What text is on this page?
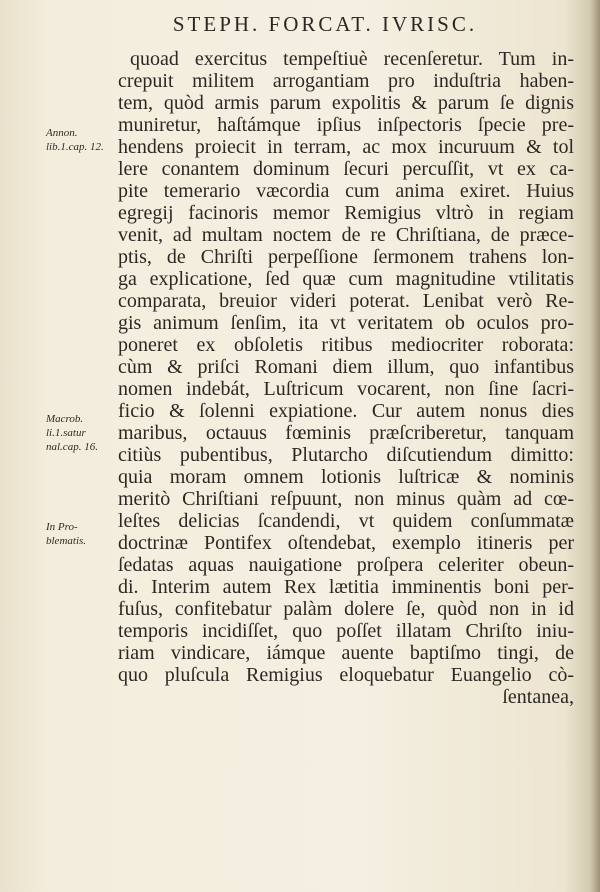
STEPH. FORCAT. IVRISC.
Annon. lib.1.cap. 12.
Macrob. li.1.satur nal.cap. 16.
In Pro- blematis.
quoad exercitus tempeſtiuè recenſeretur. Tum in-
crepuit militem arrogantiam pro induſtria haben-
tem, quòd armis parum expolitis & parum ſe dignis
muniretur, haſtámque ipſius inſpectoris ſpecie pre-
hendens proiecit in terram, ac mox incuruum & tol
lere conantem dominum ſecuri percuſſit, vt ex ca-
pite temerario væcordia cum anima exiret. Huius
egregij facinoris memor Remigius vltrò in regiam
venit, ad multam noctem de re Chriſtiana, de præce-
ptis, de Chriſti perpeſſione ſermonem trahens lon-
ga explicatione, ſed quæ cum magnitudine vtilitatis
comparata, breuior videri poterat. Lenibat verò Re-
gis animum ſenſim, ita vt veritatem ob oculos pro-
poneret ex obſoletis ritibus mediocriter roborata:
cùm & priſci Romani diem illum, quo infantibus
nomen indebát, Luſtricum vocarent, non ſine ſacri-
ficio & ſolenni expiatione. Cur autem nonus dies
maribus, octauus fœminis præſcriberetur, tanquam
citiùs pubentibus, Plutarcho diſcutiendum dimitto:
quia moram omnem lotionis luſtricæ & nominis
meritò Chriſtiani reſpuunt, non minus quàm ad cœ-
leſtes delicias ſcandendi, vt quidem conſummatæ
doctrinæ Pontifex oſtendebat, exemplo itineris per
ſedatas aquas nauigatione proſpera celeriter obeun-
di. Interim autem Rex lætitia imminentis boni per-
fuſus, confitebatur palàm dolere ſe, quòd non in id
temporis incidiſſet, quo poſſet illatam Chriſto iniu-
riam vindicare, iámque auente baptiſmo tingi, de
quo pluſcula Remigius eloquebatur Euangelio cò-
ſentanea,
